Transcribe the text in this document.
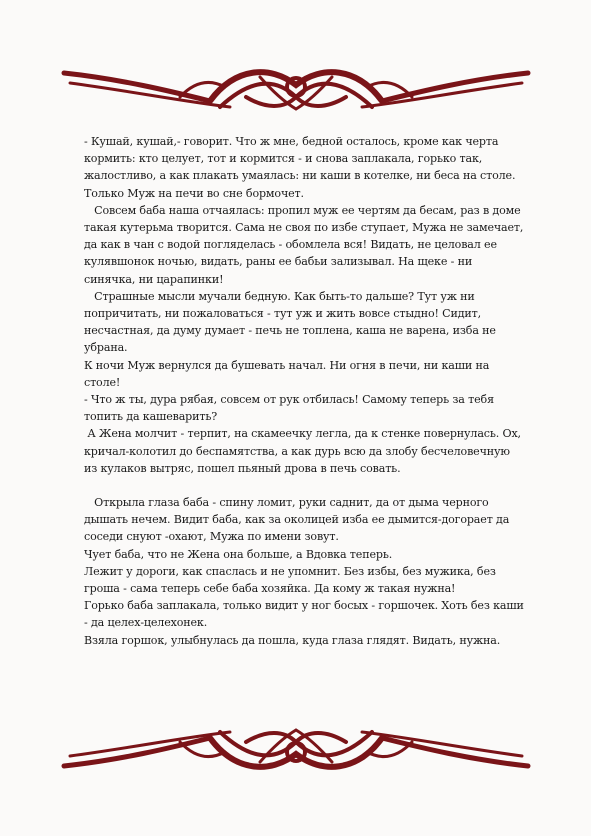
- Кушай, кушай,- говорит. Что ж мне, бедной осталось, кроме как черта кормить: кто целует, тот и кормится - и снова заплакала, горько так, жалостливо, а как плакать умаялась: ни каши в котелке, ни беса на столе. Только Муж на печи во сне бормочет.

Совсем баба наша отчаялась: пропил муж ее чертям да бесам, раз в доме такая кутерьма творится. Сама не своя по избе ступает, Мужа не замечает, да как в чан с водой погляделась - обомлела вся! Видать, не целовал ее кулявшонок ночью, видать, раны ее бабьи зализывал. На щеке - ни синячка, ни царапинки!

Страшные мысли мучали бедную. Как быть-то дальше? Тут уж ни попричитать, ни пожаловаться - тут уж и жить вовсе стыдно! Сидит, несчастная, да думу думает - печь не топлена, каша не варена, изба не убрана.

К ночи Муж вернулся да бушевать начал. Ни огня в печи, ни каши на столе!

- Что ж ты, дура рябая, совсем от рук отбилась! Самому теперь за тебя топить да кашеварить?

А Жена молчит - терпит, на скамеечку легла, да к стенке повернулась. Ох, кричал-колотил до беспамятства, а как дурь всю да злобу бесчеловечную из кулаков вытряс, пошел пьяный дрова в печь совать.

Открыла глаза баба - спину ломит, руки саднит, да от дыма черного дышать нечем. Видит баба, как за околицей изба ее дымится-догорает да соседи снуют -охают, Мужа по имени зовут.

Чует баба, что не Жена она больше, а Вдовка теперь.

Лежит у дороги, как спаслась и не упомнит. Без избы, без мужика, без гроша - сама теперь себе баба хозяйка. Да кому ж такая нужна!

Горько баба заплакала, только видит у ног босых - горшочек. Хоть без каши - да целех-целехонек.

Взяла горшок, улыбнулась да пошла, куда глаза глядят. Видать, нужна.
